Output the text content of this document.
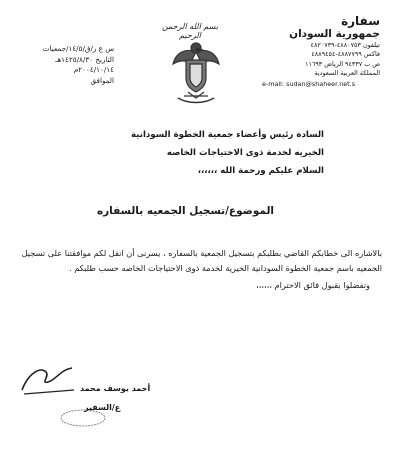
س ع ر/ق/١٤/٥/جمعيات
التاريخ ١٤٢٥/٨/٣٠هـ
٢٠٠٤/١٠/١٤م
الموافق
بسم الله الرحمن الرحيم
سفارة
جمهورية السودان
تيلفون ٤٨٨٠٧٥٣-٤٨٢٠٧٣٩
فاكس ٤٨٨٧٧٩٩-٤٨٨٩٤٥٤
ص ب ٩٤٣٣٧ الرياض ١١٦٩٣
المملكة العربية السعودية
e-mail: sudan@shaheer.net.s
السادة رئيس وأعضاء جمعية الخطوة السودانية
الخيريه لخدمة ذوى الاحتياجات الخاصه
السلام عليكم ورحمة الله ،،،،،،
الموضوع/تسجيل الجمعيه بالسفاره
بالاشاره الى خطابكم القاضي بطلبكم بتسجيل الجمعية بالسفاره ، يسرنى أن انقل لكم موافقتنا على تسجيل الجمعيه باسم جمعية الخطوة السودانية الخيرية لخدمة ذوى الاحتياجات الخاصه حسب طلبكم .
وتفضلوا بقبول فائق الاحترام ،،،،،،
أحمد يوسف محمد
ع/السفير
